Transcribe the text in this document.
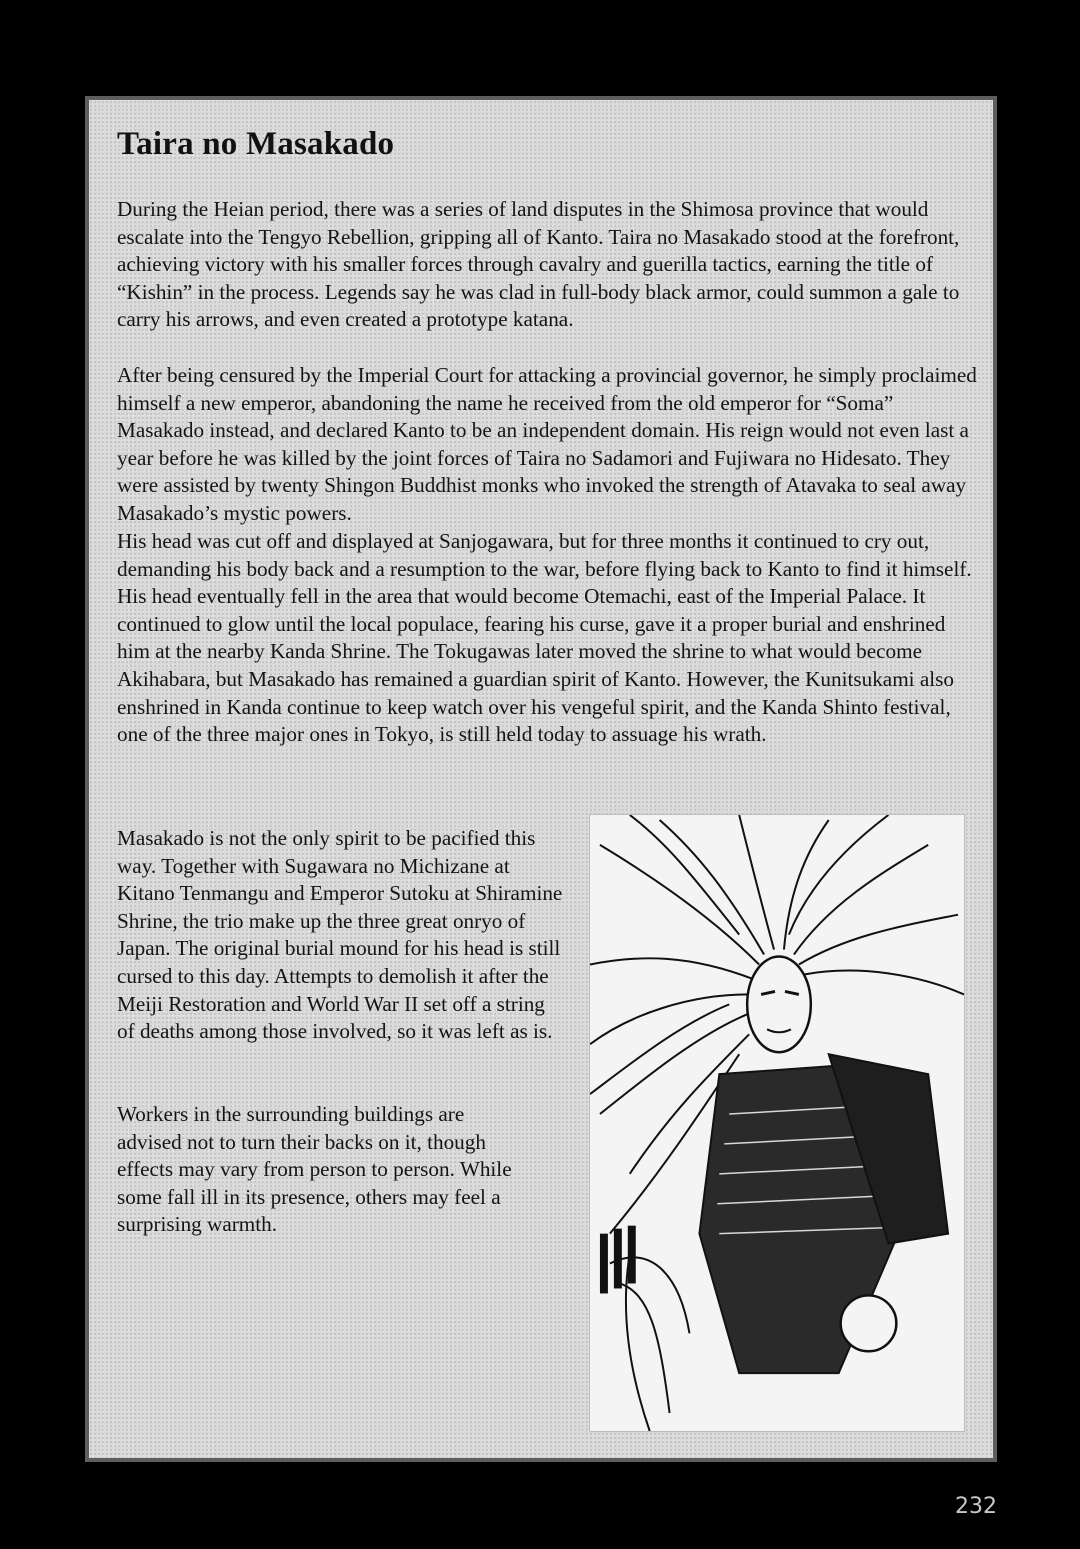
Taira no Masakado

During the Heian period, there was a series of land disputes in the Shimosa province that would escalate into the Tengyo Rebellion, gripping all of Kanto. Taira no Masakado stood at the forefront, achieving victory with his smaller forces through cavalry and guerilla tactics, earning the title of “Kishin” in the process. Legends say he was clad in full-body black armor, could summon a gale to carry his arrows, and even created a prototype katana.

After being censured by the Imperial Court for attacking a provincial governor, he simply proclaimed himself a new emperor, abandoning the name he received from the old emperor for “Soma” Masakado instead, and declared Kanto to be an independent domain. His reign would not even last a year before he was killed by the joint forces of Taira no Sadamori and Fujiwara no Hidesato. They were assisted by twenty Shingon Buddhist monks who invoked the strength of Atavaka to seal away Masakado’s mystic powers.

His head was cut off and displayed at Sanjogawara, but for three months it continued to cry out, demanding his body back and a resumption to the war, before flying back to Kanto to find it himself. His head eventually fell in the area that would become Otemachi, east of the Imperial Palace. It continued to glow until the local populace, fearing his curse, gave it a proper burial and enshrined him at the nearby Kanda Shrine. The Tokugawas later moved the shrine to what would become Akihabara, but Masakado has remained a guardian spirit of Kanto. However, the Kunitsukami also enshrined in Kanda continue to keep watch over his vengeful spirit, and the Kanda Shinto festival, one of the three major ones in Tokyo, is still held today to assuage his wrath.

Masakado is not the only spirit to be pacified this way. Together with Sugawara no Michizane at Kitano Tenmangu and Emperor Sutoku at Shiramine Shrine, the trio make up the three great onryo of Japan. The original burial mound for his head is still cursed to this day. Attempts to demolish it after the Meiji Restoration and World War II set off a string of deaths among those involved, so it was left as is.

Workers in the surrounding buildings are advised not to turn their backs on it, though effects may vary from person to person. While some fall ill in its presence, others may feel a surprising warmth.

232
